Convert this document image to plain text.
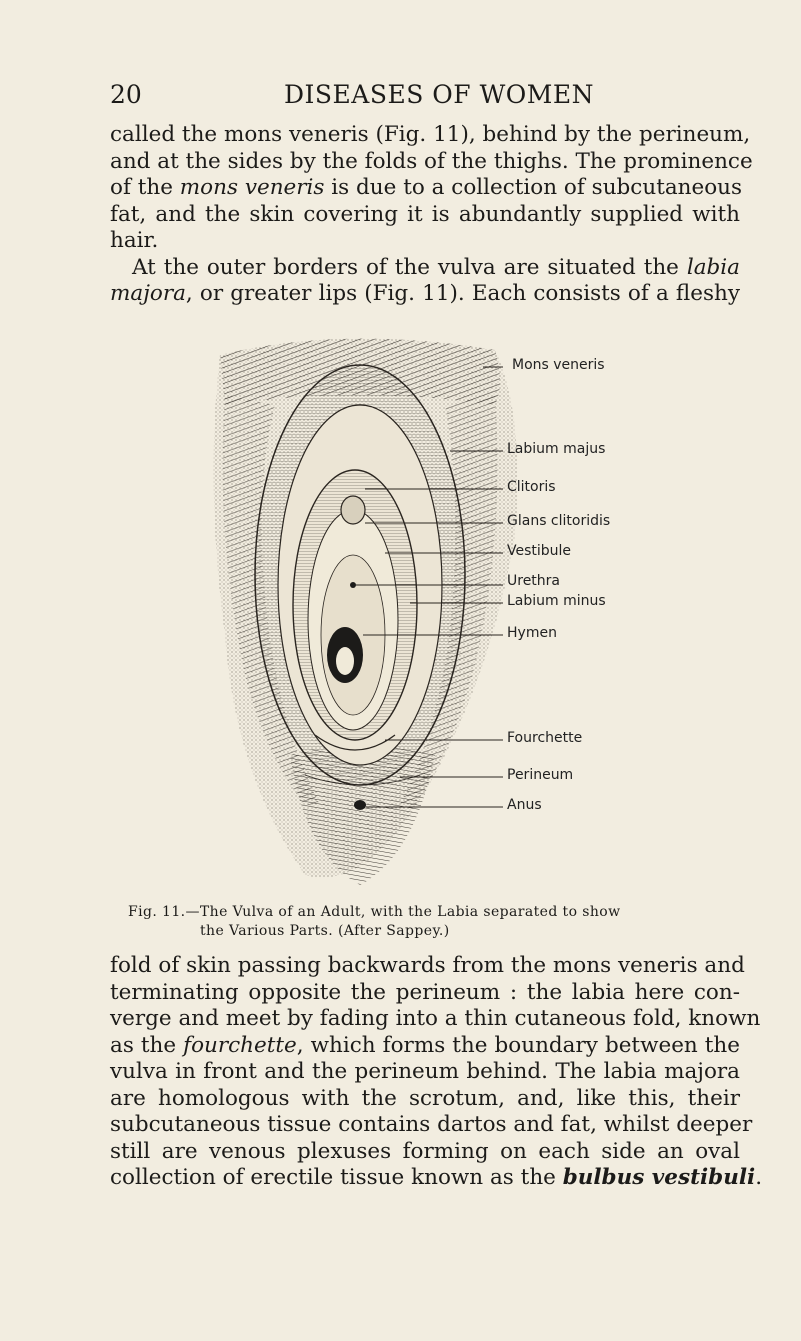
20	DISEASES OF WOMEN
called the mons veneris (Fig. 11), behind by the perineum,
and at the sides by the folds of the thighs. The prominence
of the mons veneris is due to a collection of subcutaneous
fat, and the skin covering it is abundantly supplied with
hair.
At the outer borders of the vulva are situated the labia
majora, or greater lips (Fig. 11). Each consists of a fleshy
Mons veneris
Labium majus
Clitoris
Glans clitoridis
Vestibule
Urethra
Labium minus
Hymen
Fourchette
Perineum
Anus
Fig. 11.—The Vulva of an Adult, with the Labia separated to show
the Various Parts. (After Sappey.)
fold of skin passing backwards from the mons veneris and
terminating opposite the perineum : the labia here con-
verge and meet by fading into a thin cutaneous fold, known
as the fourchette, which forms the boundary between the
vulva in front and the perineum behind. The labia majora
are homologous with the scrotum, and, like this, their
subcutaneous tissue contains dartos and fat, whilst deeper
still are venous plexuses forming on each side an oval
collection of erectile tissue known as the bulbus vestibuli.
